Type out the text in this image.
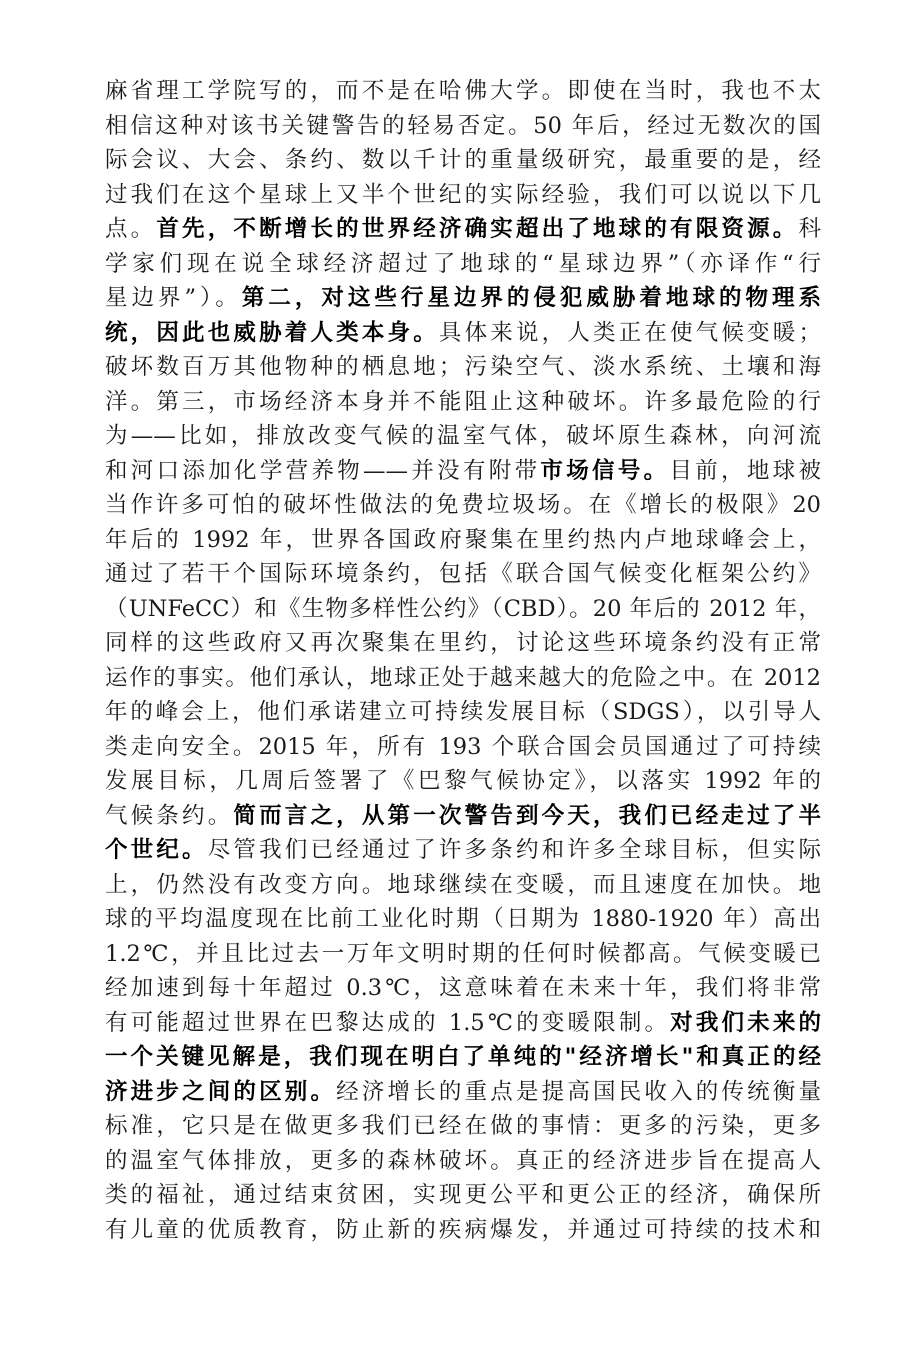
麻省理工学院写的，而不是在哈佛大学。即使在当时，我也不太
相信这种对该书关键警告的轻易否定。50 年后，经过无数次的国
际会议、大会、条约、数以千计的重量级研究，最重要的是，经
过我们在这个星球上又半个世纪的实际经验，我们可以说以下几
点。首先，不断增长的世界经济确实超出了地球的有限资源。科
学家们现在说全球经济超过了地球的“星球边界”（亦译作“行
星边界”）。第二，对这些行星边界的侵犯威胁着地球的物理系
统，因此也威胁着人类本身。具体来说，人类正在使气候变暖；
破坏数百万其他物种的栖息地；污染空气、淡水系统、土壤和海
洋。第三，市场经济本身并不能阻止这种破坏。许多最危险的行
为——比如，排放改变气候的温室气体，破坏原生森林，向河流
和河口添加化学营养物——并没有附带市场信号。目前，地球被
当作许多可怕的破坏性做法的免费垃圾场。在《增长的极限》20
年后的 1992 年，世界各国政府聚集在里约热内卢地球峰会上，
通过了若干个国际环境条约，包括《联合国气候变化框架公约》
（UNFeCC）和《生物多样性公约》（CBD）。20 年后的 2012 年，
同样的这些政府又再次聚集在里约，讨论这些环境条约没有正常
运作的事实。他们承认，地球正处于越来越大的危险之中。在 2012
年的峰会上，他们承诺建立可持续发展目标（SDGS），以引导人
类走向安全。2015 年，所有 193 个联合国会员国通过了可持续
发展目标，几周后签署了《巴黎气候协定》，以落实 1992 年的
气候条约。简而言之，从第一次警告到今天，我们已经走过了半
个世纪。尽管我们已经通过了许多条约和许多全球目标，但实际
上，仍然没有改变方向。地球继续在变暖，而且速度在加快。地
球的平均温度现在比前工业化时期（日期为 1880-1920 年）高出
1.2℃，并且比过去一万年文明时期的任何时候都高。气候变暖已
经加速到每十年超过 0.3℃，这意味着在未来十年，我们将非常
有可能超过世界在巴黎达成的 1.5℃的变暖限制。对我们未来的
一个关键见解是，我们现在明白了单纯的"经济增长"和真正的经
济进步之间的区别。经济增长的重点是提高国民收入的传统衡量
标准，它只是在做更多我们已经在做的事情：更多的污染，更多
的温室气体排放，更多的森林破坏。真正的经济进步旨在提高人
类的福祉，通过结束贫困，实现更公平和更公正的经济，确保所
有儿童的优质教育，防止新的疾病爆发，并通过可持续的技术和
